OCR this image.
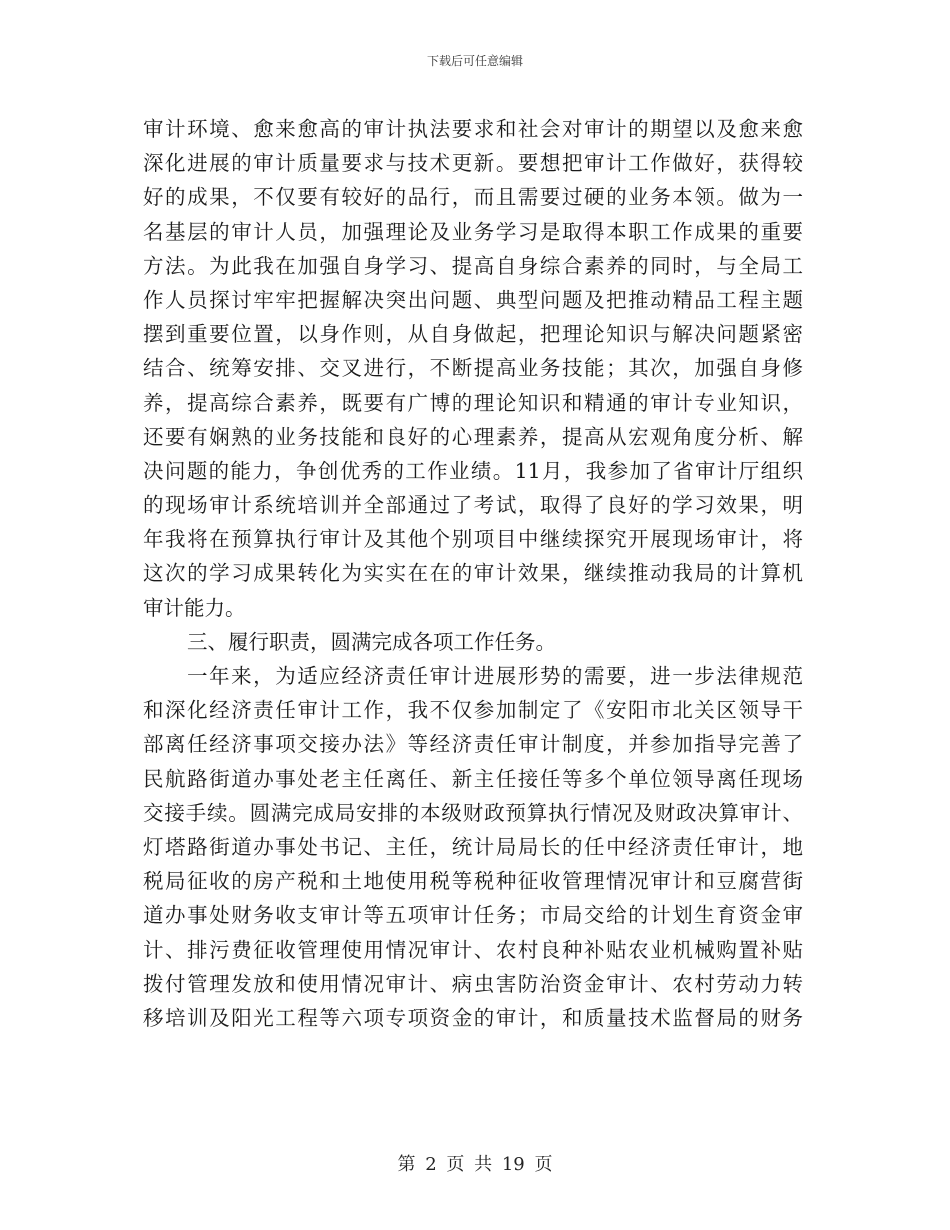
下载后可任意编辑
审计环境、愈来愈高的审计执法要求和社会对审计的期望以及愈来愈
深化进展的审计质量要求与技术更新。要想把审计工作做好，获得较
好的成果，不仅要有较好的品行，而且需要过硬的业务本领。做为一
名基层的审计人员，加强理论及业务学习是取得本职工作成果的重要
方法。为此我在加强自身学习、提高自身综合素养的同时，与全局工
作人员探讨牢牢把握解决突出问题、典型问题及把推动精品工程主题
摆到重要位置，以身作则，从自身做起，把理论知识与解决问题紧密
结合、统筹安排、交叉进行，不断提高业务技能；其次，加强自身修
养，提高综合素养，既要有广博的理论知识和精通的审计专业知识，
还要有娴熟的业务技能和良好的心理素养，提高从宏观角度分析、解
决问题的能力，争创优秀的工作业绩。11月，我参加了省审计厅组织
的现场审计系统培训并全部通过了考试，取得了良好的学习效果，明
年我将在预算执行审计及其他个别项目中继续探究开展现场审计，将
这次的学习成果转化为实实在在的审计效果，继续推动我局的计算机
审计能力。
三、履行职责，圆满完成各项工作任务。
一年来，为适应经济责任审计进展形势的需要，进一步法律规范
和深化经济责任审计工作，我不仅参加制定了《安阳市北关区领导干
部离任经济事项交接办法》等经济责任审计制度，并参加指导完善了
民航路街道办事处老主任离任、新主任接任等多个单位领导离任现场
交接手续。圆满完成局安排的本级财政预算执行情况及财政决算审计、
灯塔路街道办事处书记、主任，统计局局长的任中经济责任审计，地
税局征收的房产税和土地使用税等税种征收管理情况审计和豆腐营街
道办事处财务收支审计等五项审计任务；市局交给的计划生育资金审
计、排污费征收管理使用情况审计、农村良种补贴农业机械购置补贴
拨付管理发放和使用情况审计、病虫害防治资金审计、农村劳动力转
移培训及阳光工程等六项专项资金的审计，和质量技术监督局的财务
第 2 页 共 19 页
